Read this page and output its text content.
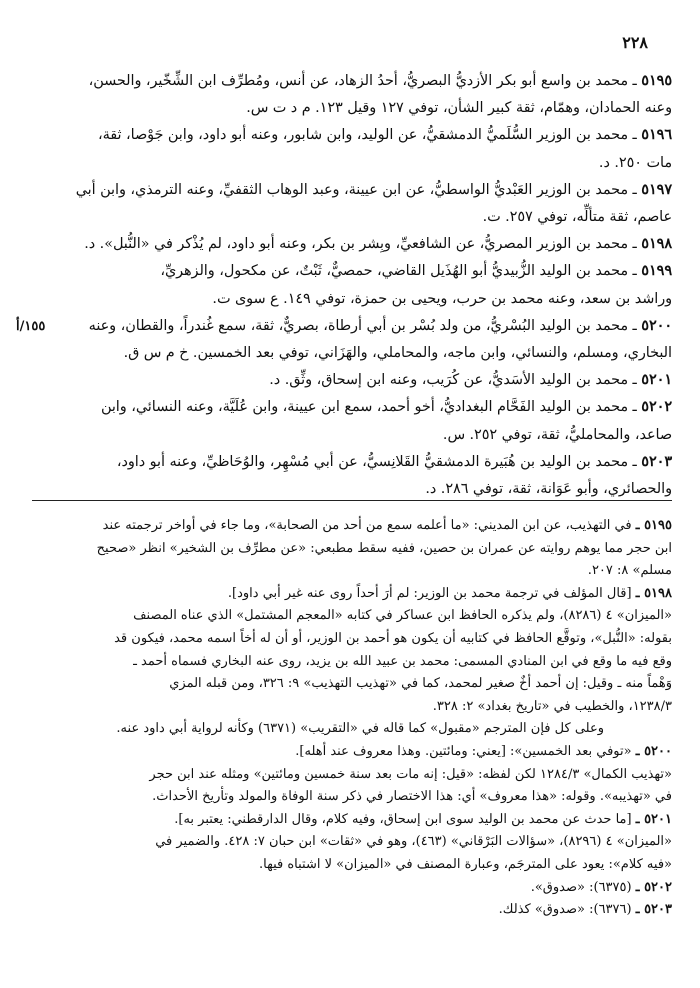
٢٢٨
١٥٥/أ

٥١٩٥ ـ محمد بن واسع أبو بكر الأزديُّ البصريُّ، أحدُ الزهاد، عن أنس، ومُطرِّف ابن الشِّخّير، والحسن،
وعنه الحمادان، وهمّام، ثقة كبير الشأن، توفي ١٢٧ وقيل ١٢٣. م د ت س.

٥١٩٦ ـ محمد بن الوزير السُّلَميُّ الدمشقيُّ، عن الوليد، وابن شابور، وعنه أبو داود، وابن جَوْصا، ثقة،
مات ٢٥٠. د.

٥١٩٧ ـ محمد بن الوزير العَبْديُّ الواسطيُّ، عن ابن عيينة، وعبد الوهاب الثقفيِّ، وعنه الترمذي، وابن أبي
عاصم، ثقة متألِّه، توفي ٢٥٧. ت.

٥١٩٨ ـ محمد بن الوزير المصريُّ، عن الشافعيِّ، وبِشر بن بكر، وعنه أبو داود، لم يُذْكر في «النُّبل». د.

٥١٩٩ ـ محمد بن الوليد الزُّبيديُّ أبو الهُذَيل القاضي، حمصيٌّ، ثَبْتٌ، عن مكحول، والزهريِّ،
وراشد بن سعد، وعنه محمد بن حرب، ويحيى بن حمزة، توفي ١٤٩. ع سوى ت.

٥٢٠٠ ـ محمد بن الوليد البُسْريُّ، من ولد بُسْر بن أبي أرطاة، بصريٌّ، ثقة، سمع غُندراً، والقطان، وعنه
البخاري، ومسلم، والنسائي، وابن ماجه، والمحاملي، والهَزَاني، توفي بعد الخمسين. خ م س ق.

٥٢٠١ ـ محمد بن الوليد الأسَديُّ، عن كُرَيب، وعنه ابن إسحاق، وثِّق. د.

٥٢٠٢ ـ محمد بن الوليد الفَحَّام البغداديُّ، أخو أحمد، سمع ابن عيينة، وابن عُلَيَّة، وعنه النسائي، وابن
صاعد، والمحامليُّ، ثقة، توفي ٢٥٢. س.

٥٢٠٣ ـ محمد بن الوليد بن هُبَيرة الدمشقيُّ القَلانِسيُّ، عن أبي مُسْهِر، والوُحَاظيِّ، وعنه أبو داود،
والحصائري، وأبو عَوَانة، ثقة، توفي ٢٨٦. د.

٥١٩٥ ـ في التهذيب، عن ابن المديني: «ما أعلمه سمع من أحد من الصحابة»، وما جاء في أواخر ترجمته عند
ابن حجر مما يوهم روايته عن عمران بن حصين، ففيه سقط مطبعي: «عن مطرِّف بن الشخير» انظر «صحيح
مسلم» ٨: ٢٠٧.

٥١٩٨ ـ [قال المؤلف في ترجمة محمد بن الوزير: لم أرَ أحداً روى عنه غير أبي داود].

«الميزان» ٤ (٨٢٨٦)، ولم يذكره الحافظ ابن عساكر في كتابه «المعجم المشتمل» الذي عناه المصنف
بقوله: «النُّبل»، وتوقَّع الحافظ في كتابيه أن يكون هو أحمد بن الوزير، أو أن له أخاً اسمه محمد، فيكون قد
وقع فيه ما وقع في ابن المنادي المسمى: محمد بن عبيد الله بن يزيد، روى عنه البخاري فسماه أحمد ـ
وَهْماً منه ـ وقيل: إن أحمد أخٌ صغير لمحمد، كما في «تهذيب التهذيب» ٩: ٣٢٦، ومن قبله المزي
١٢٣٨/٣، والخطيب في «تاريخ بغداد» ٢: ٣٢٨.

وعلى كل فإن المترجم «مقبول» كما قاله في «التقريب» (٦٣٧١) وكأنه لرواية أبي داود عنه.

٥٢٠٠ ـ «توفي بعد الخمسين»: [يعني: ومائتين. وهذا معروف عند أهله].

«تهذيب الكمال» ١٢٨٤/٣ لكن لفظه: «قيل: إنه مات بعد سنة خمسين ومائتين» ومثله عند ابن حجر
في «تهذيبه». وقوله: «هذا معروف» أي: هذا الاختصار في ذكر سنة الوفاة والمولد وتأريخ الأحداث.

٥٢٠١ ـ [ما حدث عن محمد بن الوليد سوى ابن إسحاق، وفيه كلام، وقال الدارقطني: يعتبر به].

«الميزان» ٤ (٨٢٩٦)، «سؤالات البَرْقاني» (٤٦٣)، وهو في «ثقات» ابن حبان ٧: ٤٢٨. والضمير في
«فيه كلام»: يعود على المترجَم، وعبارة المصنف في «الميزان» لا اشتباه فيها.

٥٢٠٢ ـ (٦٣٧٥): «صدوق».

٥٢٠٣ ـ (٦٣٧٦): «صدوق» كذلك.
